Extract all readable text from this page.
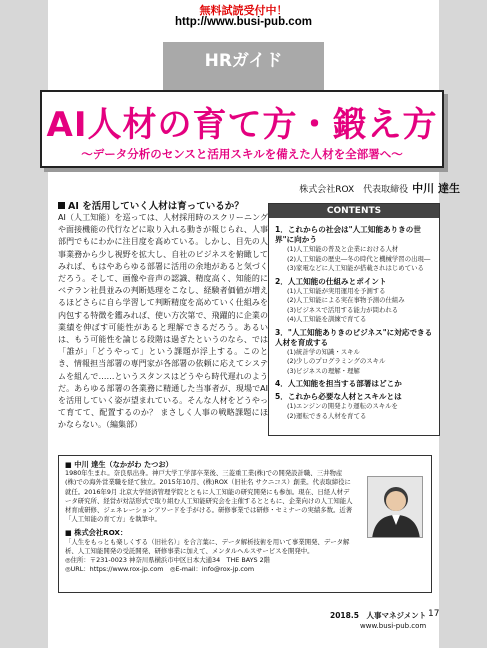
無料試読受付中！
http://www.busi-pub.com
HRガイド
AI人材の育て方・鍛え方
〜データ分析のセンスと活用スキルを備えた人材を全部署へ〜
株式会社ROX　代表取締役 中川 達生
AI を活用していく人材は育っているか？
AI（人工知能）を巡っては、人材採用時のスクリーニングや面接機能の代行などに取り入れる動きが報じられ、人事部門でもにわかに注目度を高めている。しかし、目先の人事業務から少し視野を拡大し、自社のビジネスを俯瞰してみれば、もはやあらゆる部署に活用の余地があると気づくだろう。そして、画像や音声の認識、精度高く、知能的にベテラン社員並みの判断処理をこなし、経験者価値が増えるほどさらに自ら学習して判断精度を高めていく仕組みを内包する特徴を鑑みれば、使い方次第で、飛躍的に企業の業績を伸ばす可能性があると理解できるだろう。あるいは、もう可能性を論じる段階は過ぎたというのなら、では「誰が」「どうやって」という課題が浮上する。このとき、情報担当部署の専門家が各部署の依頼に応えてシステムを組んで……というスタンスはどうやら時代遅れのようだ。あらゆる部署の各業務に精通した当事者が、現場でAIを活用していく姿が望まれている。そんな人材をどうやって育てて、配置するのか？ まさしく人事の戦略課題にほかならない。（編集部）
CONTENTS
1．これからの社会は"人工知能ありきの世界"に向かう
(1)人工知能の普及と企業における人材
(2)人工知能の歴史―冬の時代と機械学習の出現―
(3)家電などに人工知能が搭載されはじめている
2．人工知能の仕組みとポイント
(1)人工知能が実用運用を予測する
(2)人工知能による実在事物予測の仕組み
(3)ビジネスで活用する能力が問われる
(4)人工知能を訓練で育てる
3．"人工知能ありきのビジネス"に対応できる人材を育成する
(1)統計学の知識・スキル
(2)少しのプログラミングのスキル
(3)ビジネスの理解・理解
4．人工知能を担当する部署はどこか
5．これから必要な人材とスキルとは
(1)エンジンの開発より運転のスキルを
(2)運転できる人材を育てる
■ 中川 達生（なかがわ たつお）
1980年生まれ。奈良県出身。神戸大学工学部卒業後、三菱重工業(株)での開発設計職、三井物産(株)での海外営業職を経て独立。2015年10月、(株)ROX（旧社名 サクニコス）創業。代表取締役に就任。2016年9月 北京大学経済管理学院とともに人工知能の研究開発にも参加。現在、日経人材データ研究所、経営が対話形式で取り組む人工知能研究会を主催するとともに、企業向けの人工知能人材育成研修、ジェネレーションアワードを手がける。研修事業では研修・セミナーの実績多数。近著「人工知能の育て方」を執筆中。
■ 株式会社ROX：
「人生をもっとも楽しくする（旧社名）」を合言葉に、データ解析技術を用いて事業開発、データ解析、人工知能開発の受託開発、研修事業に加えて、メンタルヘルスサービスを開発中。
◎住所：〒231-0023 神奈川県横浜市中区日本大通34　THE BAYS 2階
◎URL：https://www.rox-jp.com　 ◎E-mail：info@rox-jp.com
2018.5　人事マネジメント 17
www.busi-pub.com
